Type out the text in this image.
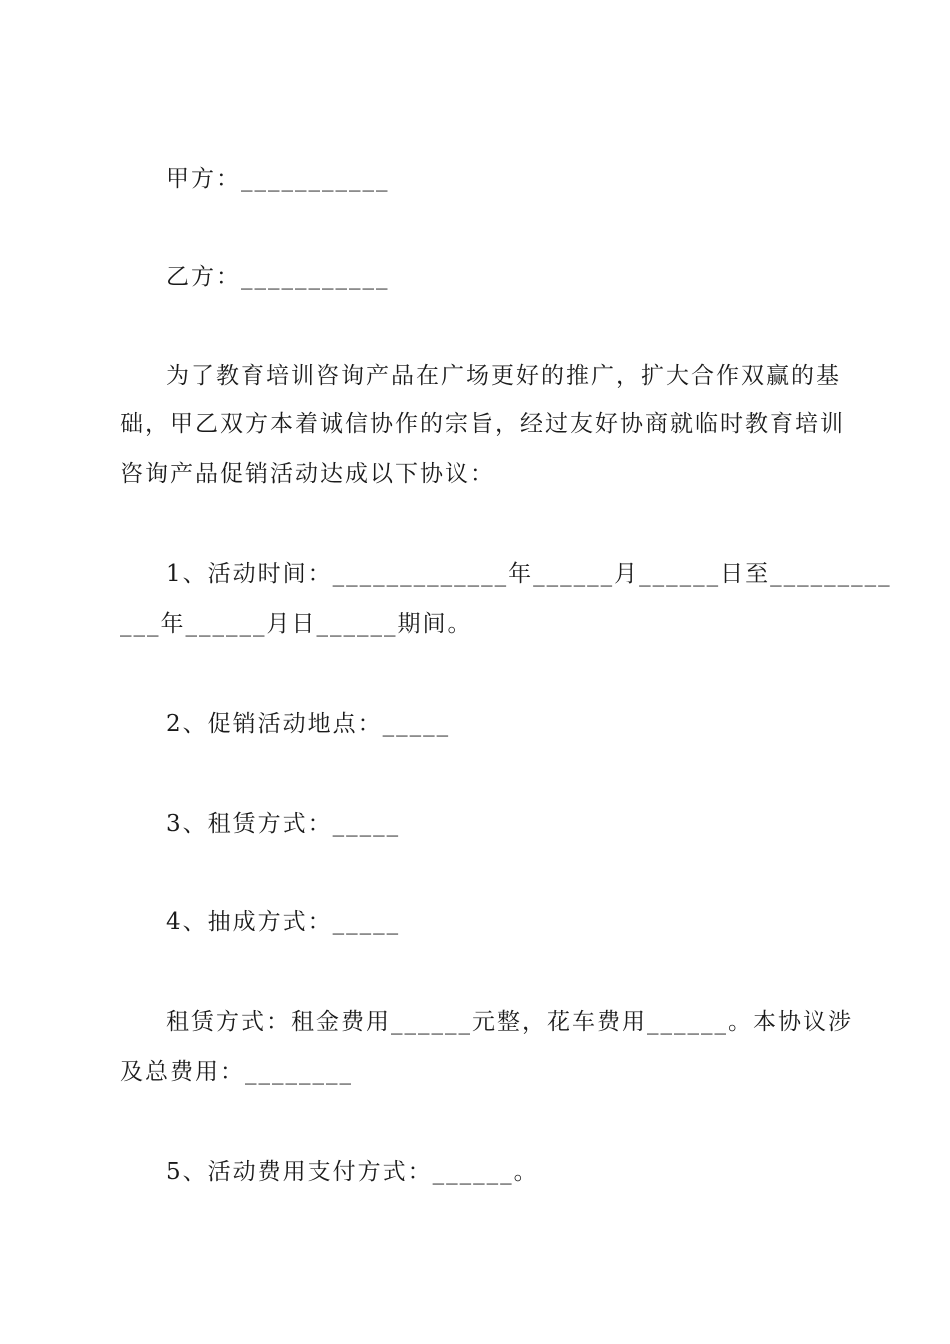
甲方：___________
乙方：___________
为了教育培训咨询产品在广场更好的推广，扩大合作双赢的基
础，甲乙双方本着诚信协作的宗旨，经过友好协商就临时教育培训
咨询产品促销活动达成以下协议：
1、活动时间：_____________年______月______日至_________
___年______月日______期间。
2、促销活动地点：_____
3、租赁方式：_____
4、抽成方式：_____
租赁方式：租金费用______元整，花车费用______。本协议涉
及总费用：________
5、活动费用支付方式：______。
